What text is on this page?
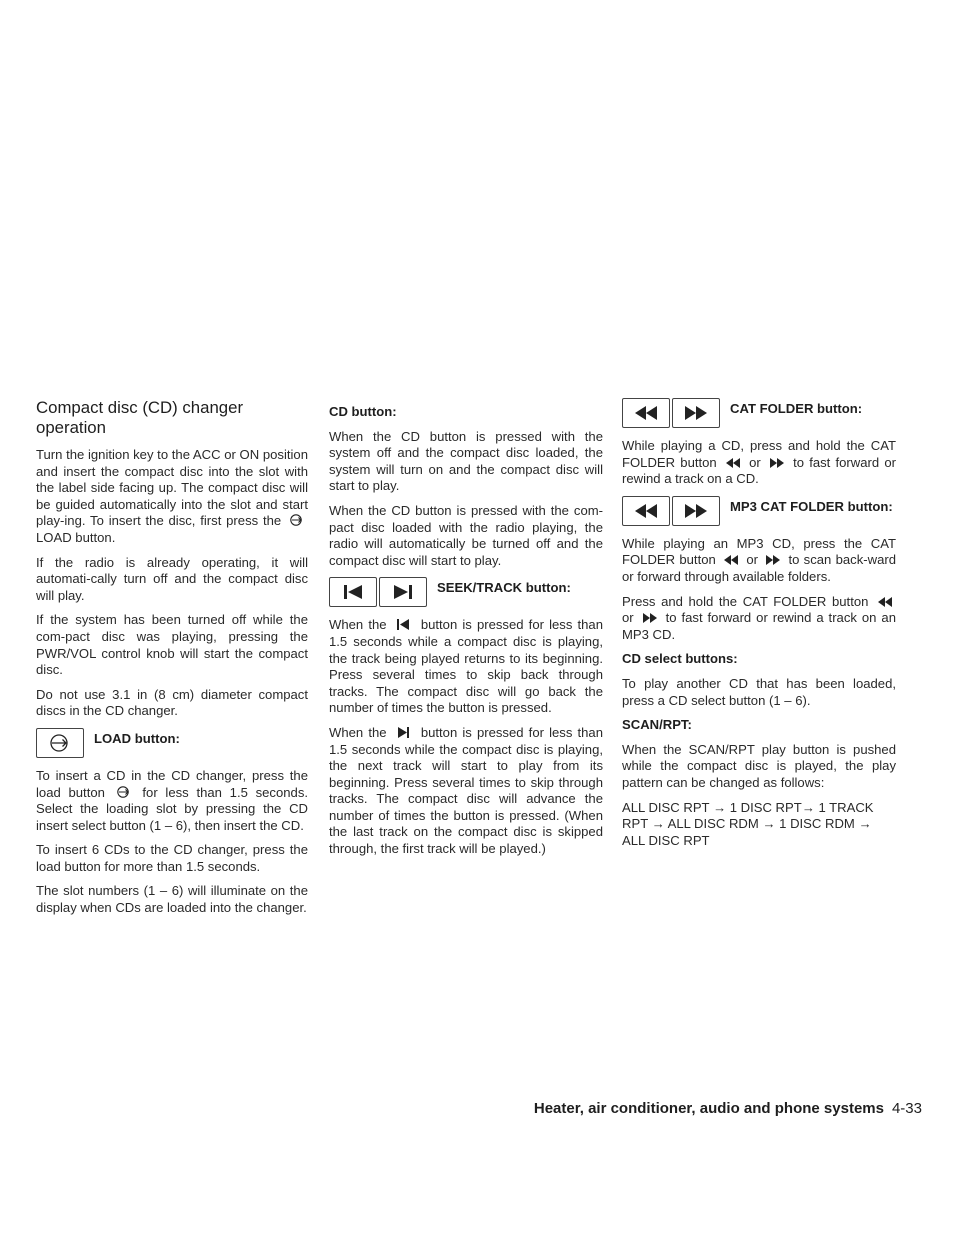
Compact disc (CD) changer operation

Turn the ignition key to the ACC or ON position and insert the compact disc into the slot with the label side facing up. The compact disc will be guided automatically into the slot and start play-ing. To insert the disc, first press the  LOAD button.

If the radio is already operating, it will automati-cally turn off and the compact disc will play.

If the system has been turned off while the com-pact disc was playing, pressing the PWR/VOL control knob will start the compact disc.

Do not use 3.1 in (8 cm) diameter compact discs in the CD changer.

LOAD button:

To insert a CD in the CD changer, press the load button	for less than 1.5 seconds. Select the loading slot by pressing the CD insert select button (1 – 6), then insert the CD.

To insert 6 CDs to the CD changer, press the load button for more than 1.5 seconds.

The slot numbers (1 – 6) will illuminate on the display when CDs are loaded into the changer.

CD button:

When the CD button is pressed with the system off and the compact disc loaded, the system will turn on and the compact disc will start to play.

When the CD button is pressed with the com-pact disc loaded with the radio playing, the radio will automatically be turned off and the compact disc will start to play.

SEEK/TRACK button:

When the	button is pressed for less than 1.5 seconds while a compact disc is playing, the track being played returns to its beginning. Press several times to skip back through tracks. The compact disc will go back the number of times the button is pressed.

When the	button is pressed for less than 1.5 seconds while the compact disc is playing, the next track will start to play from its beginning. Press several times to skip through tracks. The compact disc will advance the number of times the button is pressed. (When the last track on the compact disc is skipped through, the first track will be played.)

CAT FOLDER button:

While playing a CD, press and hold the CAT FOLDER button or to fast forward or rewind a track on a CD.

MP3 CAT FOLDER button:

While playing an MP3 CD, press the CAT FOLDER button or to scan back-ward or forward through available folders.

Press and hold the CAT FOLDER button  or to fast forward or rewind a track on an MP3 CD.

CD select buttons:

To play another CD that has been loaded, press a CD select button (1 – 6).

SCAN/RPT:

When the SCAN/RPT play button is pushed while the compact disc is played, the play pattern can be changed as follows:

ALL DISC RPT → 1 DISC RPT→ 1 TRACK RPT → ALL DISC RDM → 1 DISC RDM → ALL DISC RPT

Heater, air conditioner, audio and phone systems 4-33
